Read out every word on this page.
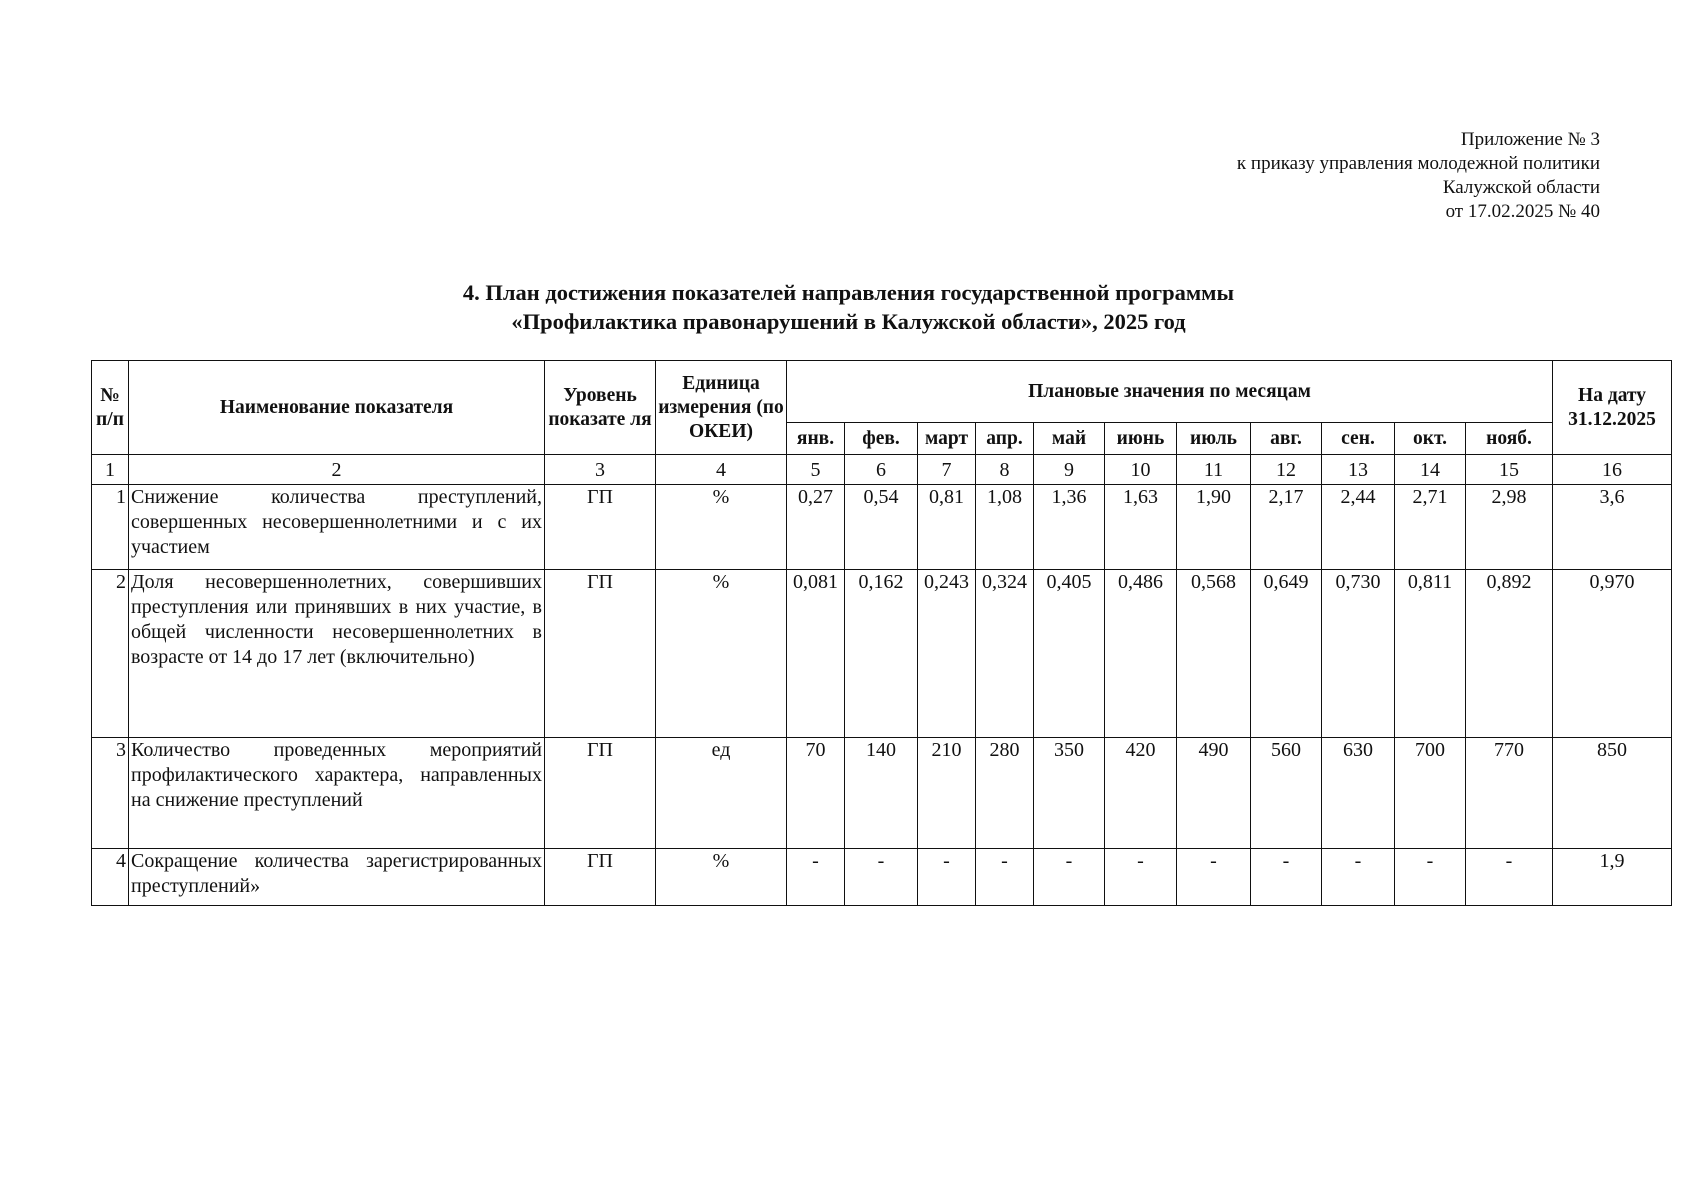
Приложение № 3
к приказу управления молодежной политики
Калужской области
от 17.02.2025 № 40
4. План достижения показателей направления государственной программы
«Профилактика правонарушений в Калужской области», 2025 год
№ п/п	Наименование показателя	Уровень показате ля	Единица измерения (по ОКЕИ)	Плановые значения по месяцам											На дату 31.12.2025
				янв.	фев.	март	апр.	май	июнь	июль	авг.	сен.	окт.	нояб.	
1	2	3	4	5	6	7	8	9	10	11	12	13	14	15	16
1	Снижение количества преступлений, совершенных несовершеннолетними и с их участием	ГП	%	0,27	0,54	0,81	1,08	1,36	1,63	1,90	2,17	2,44	2,71	2,98	3,6
2	Доля несовершеннолетних, совершивших преступления или принявших в них участие, в общей численности несовершеннолетних в возрасте от 14 до 17 лет (включительно)	ГП	%	0,081	0,162	0,243	0,324	0,405	0,486	0,568	0,649	0,730	0,811	0,892	0,970
3	Количество проведенных мероприятий профилактического характера, направленных на снижение преступлений	ГП	ед	70	140	210	280	350	420	490	560	630	700	770	850
4	Сокращение количества зарегистрированных преступлений»	ГП	%	-	-	-	-	-	-	-	-	-	-	-	1,9
